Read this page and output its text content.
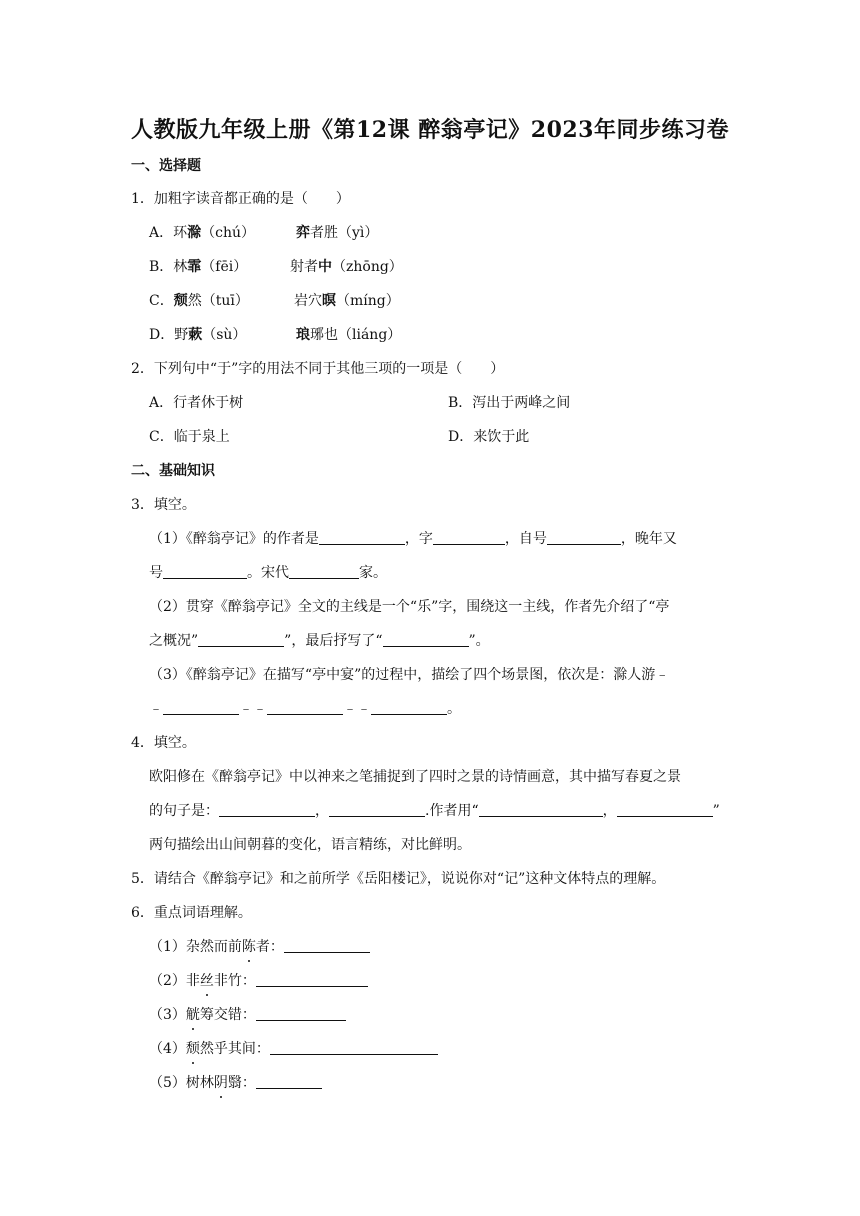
人教版九年级上册《第12课 醉翁亭记》2023年同步练习卷
一、选择题
1．加粗字读音都正确的是（　　）
A．环滁（chú）	弈者胜（yì）
B．林霏（fēi）	射者中（zhōng）
C．颓然（tuī）	岩穴暝（míng）
D．野蔌（sù）	琅琊也（liáng）
2．下列句中“于”字的用法不同于其他三项的一项是（　　）
A．行者休于树	B．泻出于两峰之间
C．临于泉上	D．来饮于此
二、基础知识
3．填空。
（1）《醉翁亭记》的作者是	，字	，自号	，晚年又
号	。宋代	家。
（2）贯穿《醉翁亭记》全文的主线是一个“乐”字，围绕这一主线，作者先介绍了“亭
之概况”	”，最后抒写了“	”。
（3）《醉翁亭记》在描写“亭中宴”的过程中，描绘了四个场景图，依次是：滁人游﹣
﹣	﹣﹣	﹣﹣	。
4．填空。
欧阳修在《醉翁亭记》中以神来之笔捕捉到了四时之景的诗情画意，其中描写春夏之景
的句子是：	，	.作者用“	，	”
两句描绘出山间朝暮的变化，语言精练，对比鲜明。
5．请结合《醉翁亭记》和之前所学《岳阳楼记》，说说你对“记”这种文体特点的理解。
6．重点词语理解。
（1）杂然而前陈者：
（2）非丝非竹：
（3）觥筹交错：
（4）颓然乎其间：
（5）树林阴翳：
